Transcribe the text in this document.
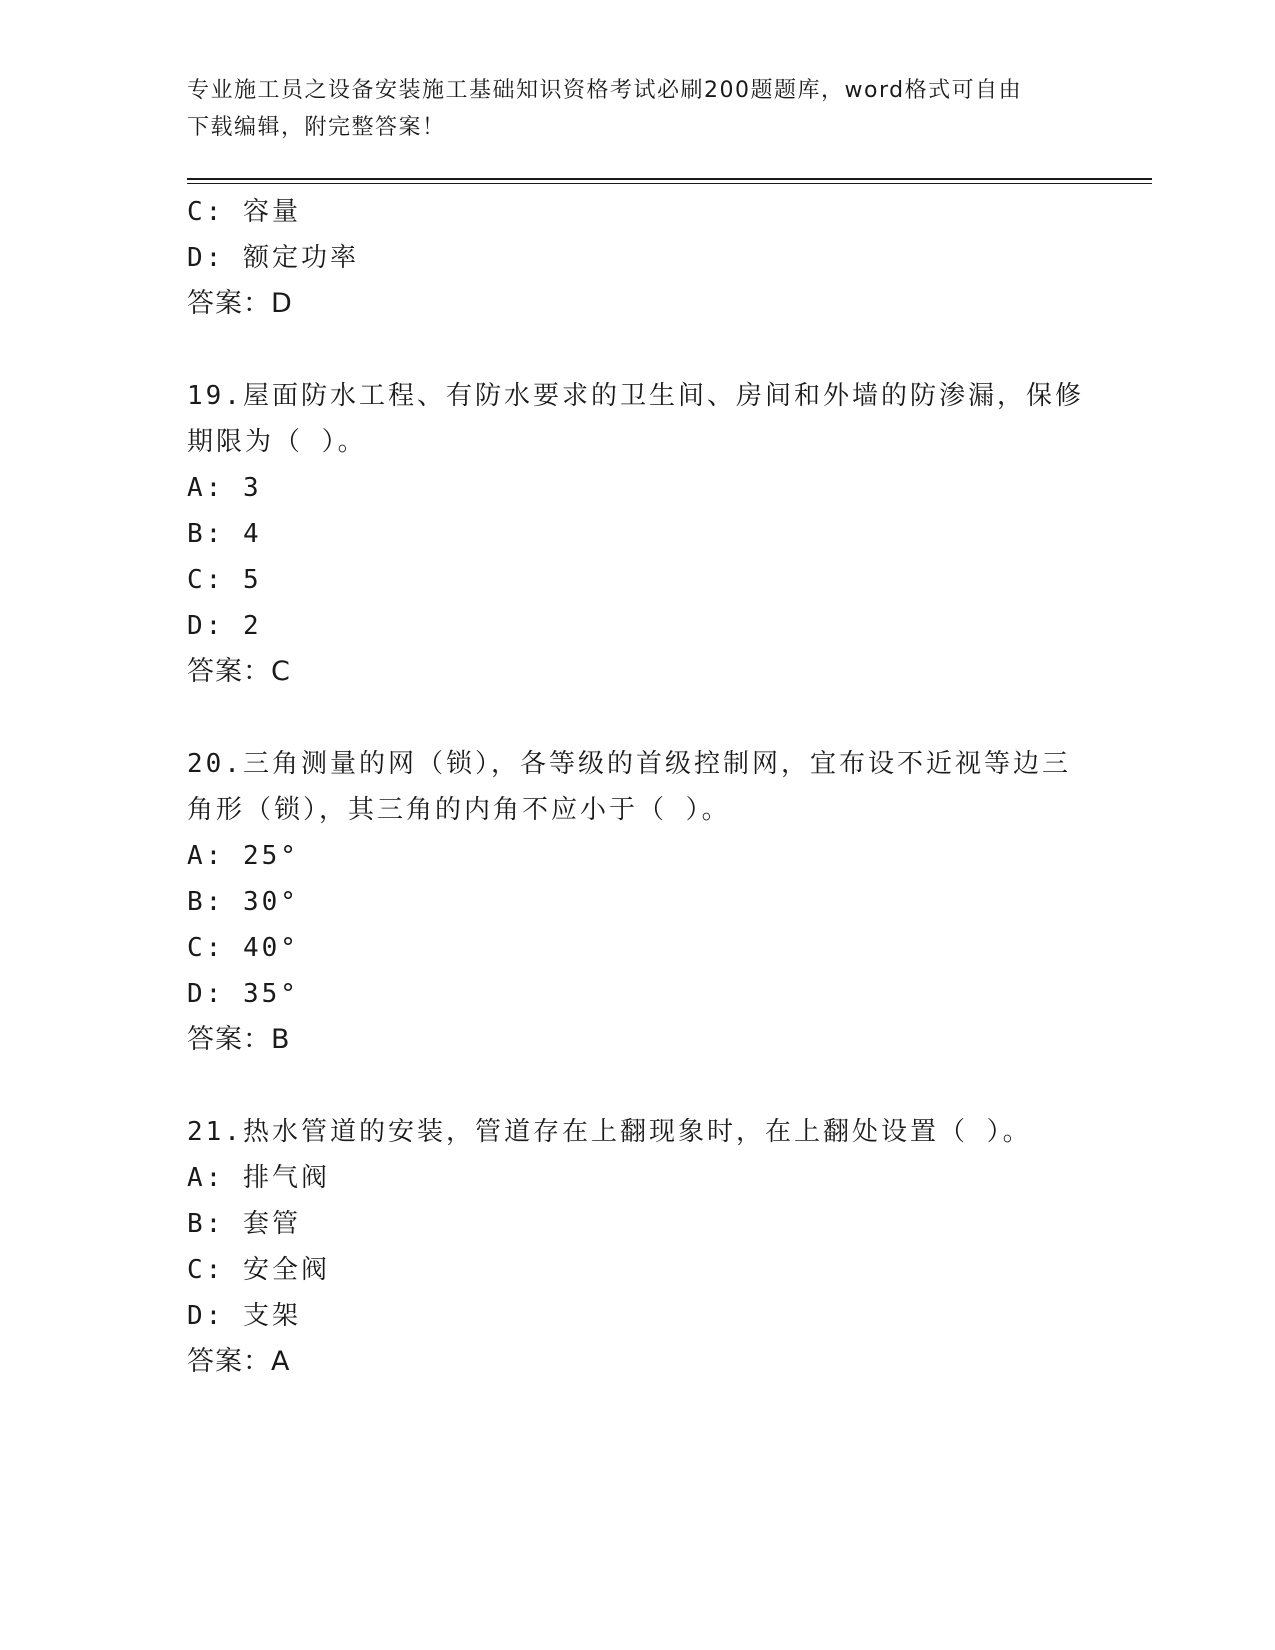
专业施工员之设备安装施工基础知识资格考试必刷200题题库，word格式可自由
下载编辑，附完整答案！
C: 容量
D: 额定功率
答案：D
19.屋面防水工程、有防水要求的卫生间、房间和外墙的防渗漏，保修
期限为（ ）。
A: 3
B: 4
C: 5
D: 2
答案：C
20.三角测量的网（锁），各等级的首级控制网，宜布设不近视等边三
角形（锁），其三角的内角不应小于（ ）。
A: 25°
B: 30°
C: 40°
D: 35°
答案：B
21.热水管道的安装，管道存在上翻现象时，在上翻处设置（ ）。
A: 排气阀
B: 套管
C: 安全阀
D: 支架
答案：A
